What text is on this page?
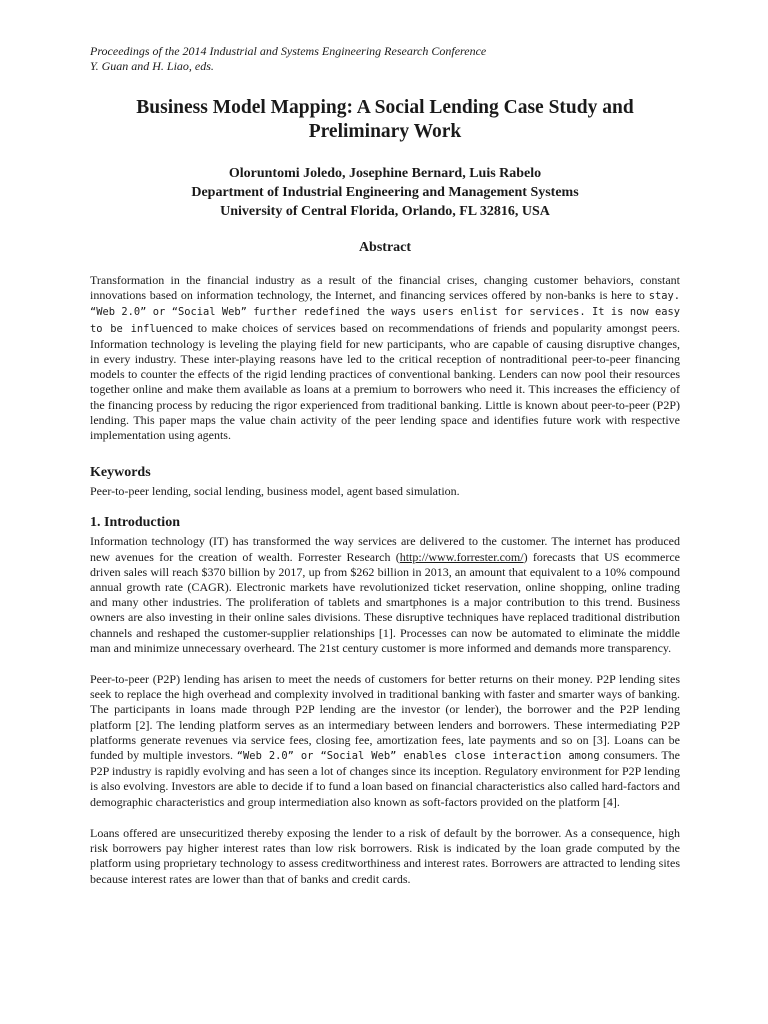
Proceedings of the 2014 Industrial and Systems Engineering Research Conference

Y. Guan and H. Liao, eds.

Business Model Mapping: A Social Lending Case Study and
Preliminary Work
Oloruntomi Joledo, Josephine Bernard, Luis Rabelo
Department of Industrial Engineering and Management Systems
University of Central Florida, Orlando, FL 32816, USA
Abstract

Transformation in the financial industry as a result of the financial crises, changing customer behaviors, constant innovations based on information technology, the Internet, and financing services offered by non-banks is here to stay. “Web 2.0” or “Social Web” further redefined the ways users enlist for services. It is now easy to be influenced to make choices of services based on recommendations of friends and popularity amongst peers. Information technology is leveling the playing field for new participants, who are capable of causing disruptive changes, in every industry. These inter-playing reasons have led to the critical reception of nontraditional peer-to-peer financing models to counter the effects of the rigid lending practices of conventional banking. Lenders can now pool their resources together online and make them available as loans at a premium to borrowers who need it. This increases the efficiency of the financing process by reducing the rigor experienced from traditional banking. Little is known about peer-to-peer (P2P) lending. This paper maps the value chain activity of the peer lending space and identifies future work with respective implementation using agents.

Keywords

Peer-to-peer lending, social lending, business model, agent based simulation.

1. Introduction

Information technology (IT) has transformed the way services are delivered to the customer. The internet has produced new avenues for the creation of wealth. Forrester Research (http://www.forrester.com/) forecasts that US ecommerce driven sales will reach $370 billion by 2017, up from $262 billion in 2013, an amount that equivalent to a 10% compound annual growth rate (CAGR). Electronic markets have revolutionized ticket reservation, online shopping, online trading and many other industries. The proliferation of tablets and smartphones is a major contribution to this trend. Business owners are also investing in their online sales divisions. These disruptive techniques have replaced traditional distribution channels and reshaped the customer-supplier relationships [1]. Processes can now be automated to eliminate the middle man and minimize unnecessary overheard. The 21st century customer is more informed and demands more transparency.

Peer-to-peer (P2P) lending has arisen to meet the needs of customers for better returns on their money. P2P lending sites seek to replace the high overhead and complexity involved in traditional banking with faster and smarter ways of banking. The participants in loans made through P2P lending are the investor (or lender), the borrower and the P2P lending platform [2]. The lending platform serves as an intermediary between lenders and borrowers. These intermediating P2P platforms generate revenues via service fees, closing fee, amortization fees, late payments and so on [3]. Loans can be funded by multiple investors. “Web 2.0” or “Social Web” enables close interaction among consumers. The P2P industry is rapidly evolving and has seen a lot of changes since its inception. Regulatory environment for P2P lending is also evolving. Investors are able to decide if to fund a loan based on financial characteristics also called hard-factors and demographic characteristics and group intermediation also known as soft-factors provided on the platform [4].

Loans offered are unsecuritized thereby exposing the lender to a risk of default by the borrower. As a consequence, high risk borrowers pay higher interest rates than low risk borrowers. Risk is indicated by the loan grade computed by the platform using proprietary technology to assess creditworthiness and interest rates. Borrowers are attracted to lending sites because interest rates are lower than that of banks and credit cards.
